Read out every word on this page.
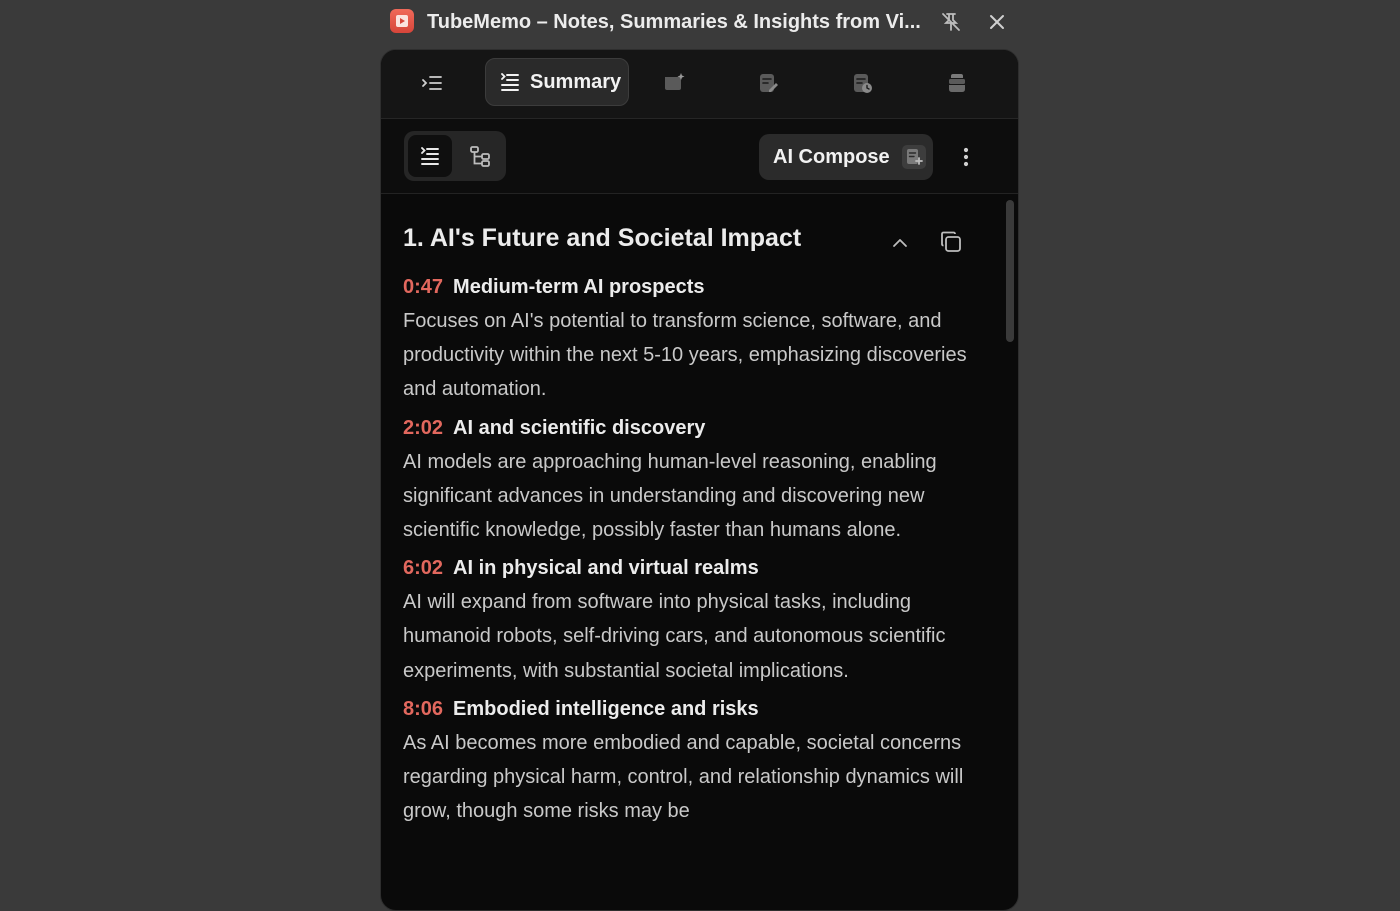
TubeMemo – Notes, Summaries & Insights from Vi...
Summary
AI Compose
1. AI's Future and Societal Impact
0:47 Medium-term AI prospects

Focuses on AI's potential to transform science, software, and productivity within the next 5-10 years, emphasizing discoveries and automation.

2:02 AI and scientific discovery

AI models are approaching human-level reasoning, enabling significant advances in understanding and discovering new scientific knowledge, possibly faster than humans alone.

6:02 AI in physical and virtual realms

AI will expand from software into physical tasks, including humanoid robots, self-driving cars, and autonomous scientific experiments, with substantial societal implications.

8:06 Embodied intelligence and risks

As AI becomes more embodied and capable, societal concerns regarding physical harm, control, and relationship dynamics will grow, though some risks may be
